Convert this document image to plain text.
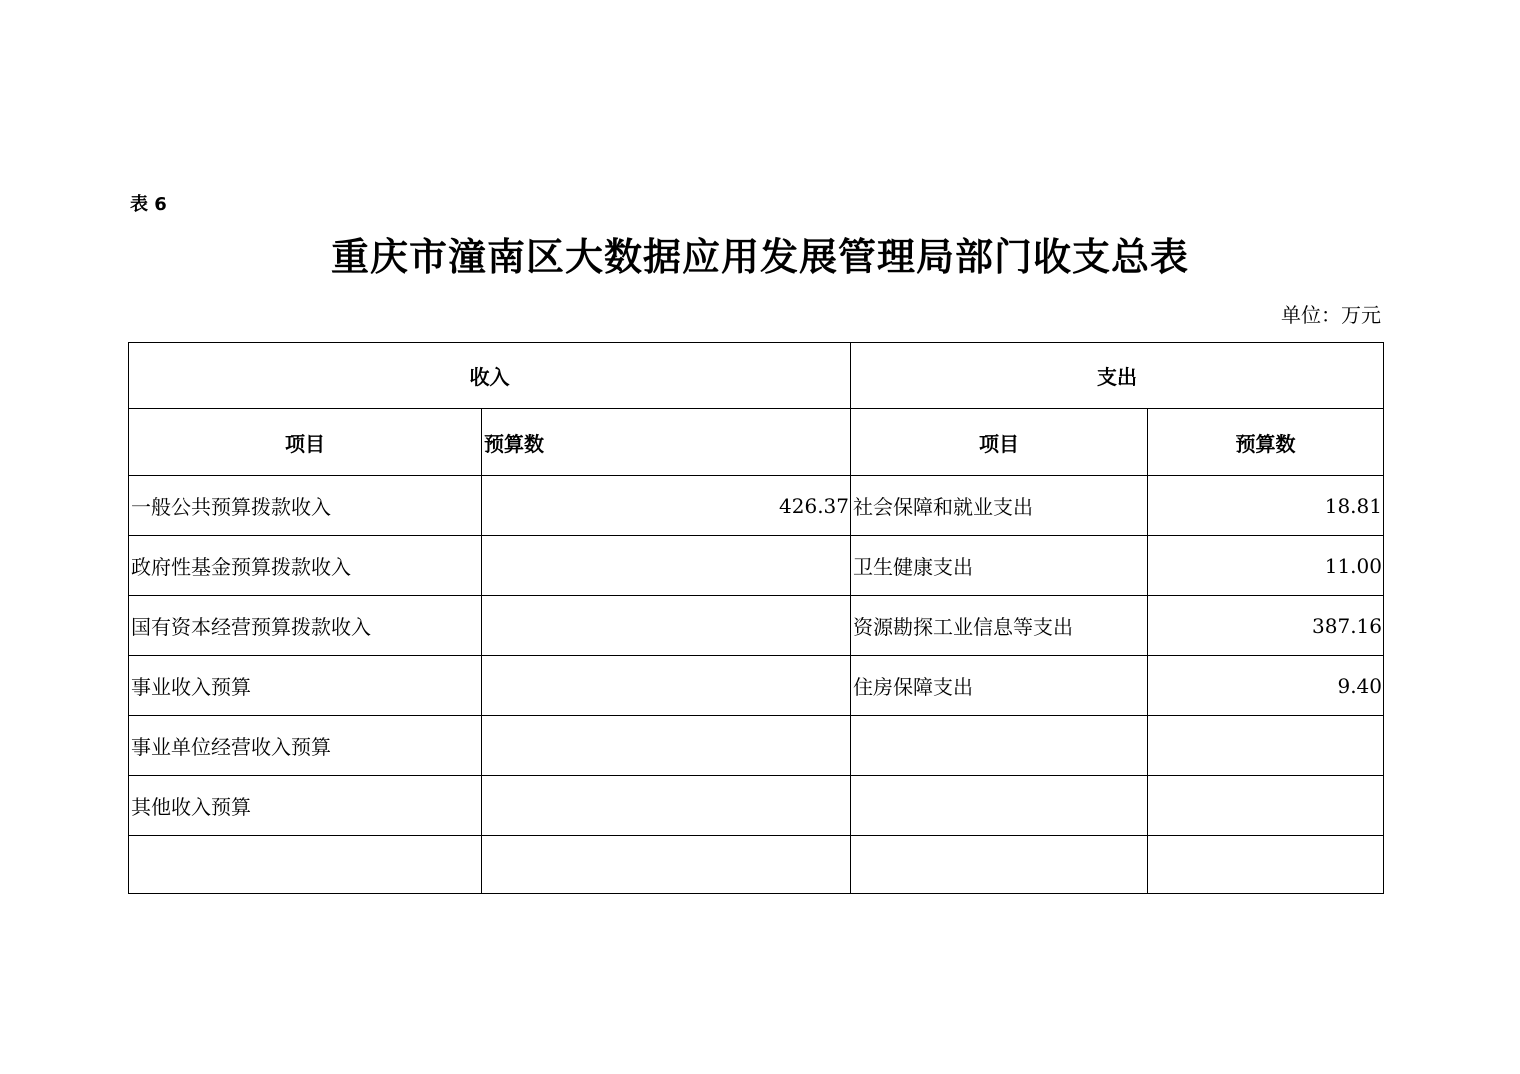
表 6
重庆市潼南区大数据应用发展管理局部门收支总表
单位：万元
收入		支出	
项目	预算数	项目	预算数
一般公共预算拨款收入	426.37	社会保障和就业支出	18.81
政府性基金预算拨款收入		卫生健康支出	11.00
国有资本经营预算拨款收入		资源勘探工业信息等支出	387.16
事业收入预算		住房保障支出	9.40
事业单位经营收入预算			
其他收入预算			
